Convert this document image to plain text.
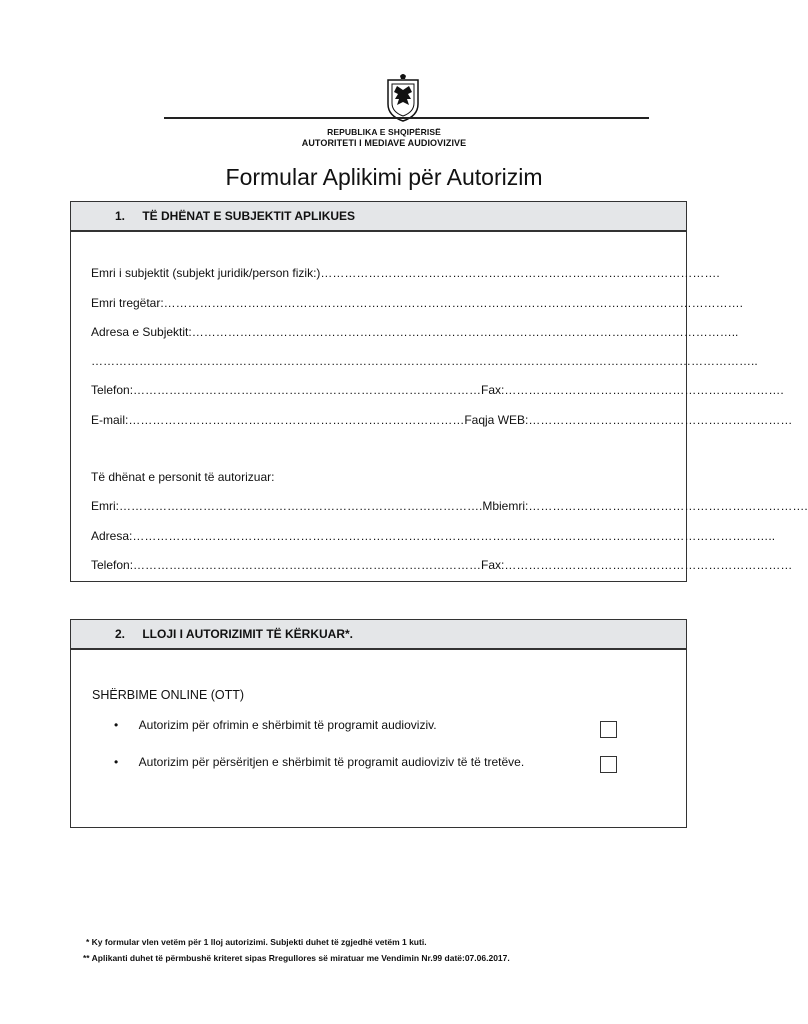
REPUBLIKA E SHQIPËRISË
AUTORITETI I MEDIAVE AUDIOVIZIVE
Formular Aplikimi për Autorizim
1. TË DHËNAT E SUBJEKTIT APLIKUES
Emri i subjektit (subjekt juridik/person fizik:)……………………………………………………………………………………….
Emri tregëtar:……………………………………………………………………………………………………………………………….
Adresa e Subjektit:………………………………………………………………………………………………………………………..
…………………………………………………………………………………………………………………………………………………..
Telefon:……………………………………………………………………………Fax:…………………………………………………………….
E-mail:…………………………………………………………………………Faqja WEB:…………………………………………………………
Të dhënat e personit të autorizuar:
Emri:……………………………………………………………………………….Mbiemri:…………………………………………………………….
Adresa:……………………………………………………………………………………………………………………………………………..
Telefon:……………………………………………………………………………Fax:………………………………………………………………
2. LLOJI I AUTORIZIMIT TË KËRKUAR*.
SHËRBIME ONLINE (OTT)
• Autorizim për ofrimin e shërbimit të programit audioviziv.
• Autorizim për përsëritjen e shërbimit të programit audioviziv të të tretëve.
* Ky formular vlen vetëm për 1 lloj autorizimi. Subjekti duhet të zgjedhë vetëm 1 kuti.
** Aplikanti duhet të përmbushë kriteret sipas Rregullores së miratuar me Vendimin Nr.99 datë:07.06.2017.
